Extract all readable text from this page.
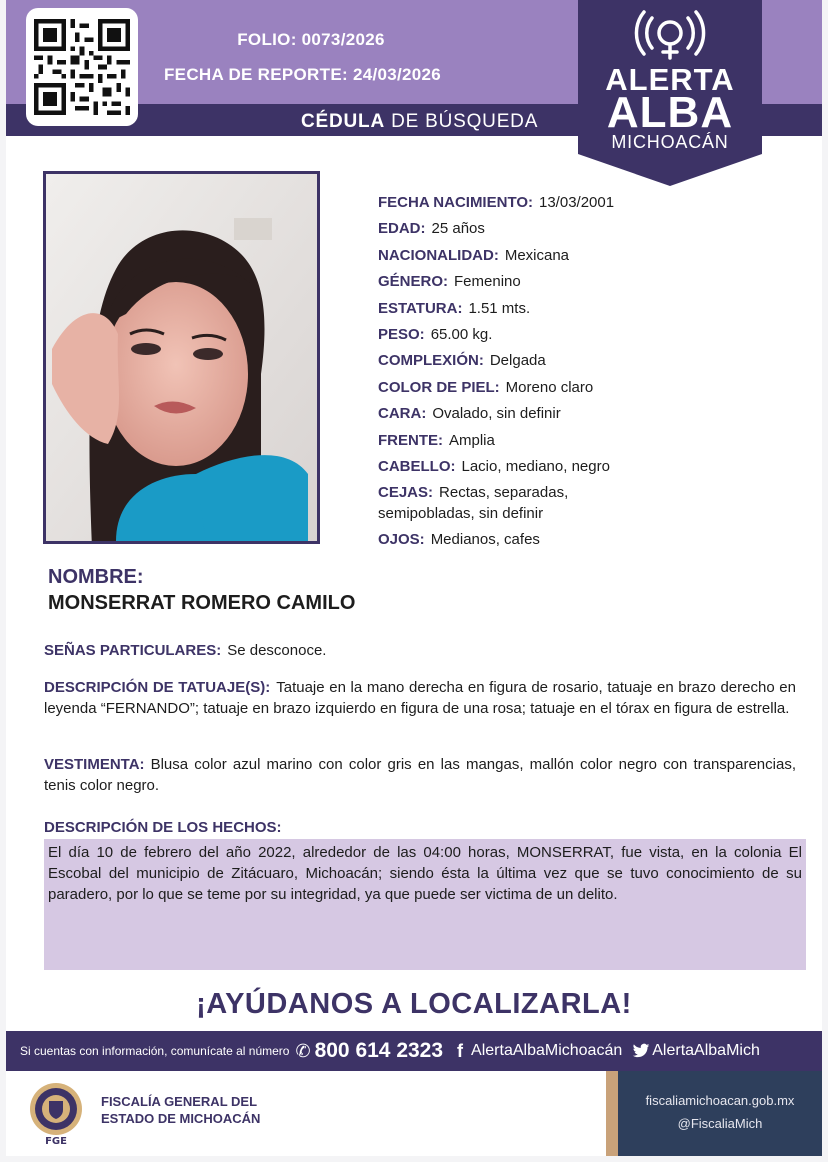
FOLIO: 0073/2026
FECHA DE REPORTE: 24/03/2026
CÉDULA DE BÚSQUEDA
ALERTA
ALBA
MICHOACÁN
FECHA NACIMIENTO: 13/03/2001
EDAD: 25 años
NACIONALIDAD: Mexicana
GÉNERO: Femenino
ESTATURA: 1.51 mts.
PESO: 65.00 kg.
COMPLEXIÓN: Delgada
COLOR DE PIEL: Moreno claro
CARA: Ovalado, sin definir
FRENTE: Amplia
CABELLO: Lacio, mediano, negro
CEJAS: Rectas, separadas, semipobladas, sin definir
OJOS: Medianos, cafes
NOMBRE:
MONSERRAT ROMERO CAMILO
SEÑAS PARTICULARES: Se desconoce.
DESCRIPCIÓN DE TATUAJE(S): Tatuaje en la mano derecha en figura de rosario, tatuaje en brazo derecho en leyenda “FERNANDO”; tatuaje en brazo izquierdo en figura de una rosa; tatuaje en el tórax en figura de estrella.
VESTIMENTA: Blusa color azul marino con color gris en las mangas, mallón color negro con transparencias, tenis color negro.
DESCRIPCIÓN DE LOS HECHOS:
El día 10 de febrero del año 2022, alrededor de las 04:00 horas, MONSERRAT, fue vista, en la colonia El Escobal del municipio de Zitácuaro, Michoacán; siendo ésta la última vez que se tuvo conocimiento de su paradero, por lo que se teme por su integridad, ya que puede ser victima de un delito.
¡AYÚDANOS A LOCALIZARLA!
Si cuentas con información, comunícate al número ✆ 800 614 2323 f AlertaAlbaMichoacán AlertaAlbaMich
FGE
FISCALÍA GENERAL DEL
ESTADO DE MICHOACÁN
fiscaliamichoacan.gob.mx
@FiscaliaMich
